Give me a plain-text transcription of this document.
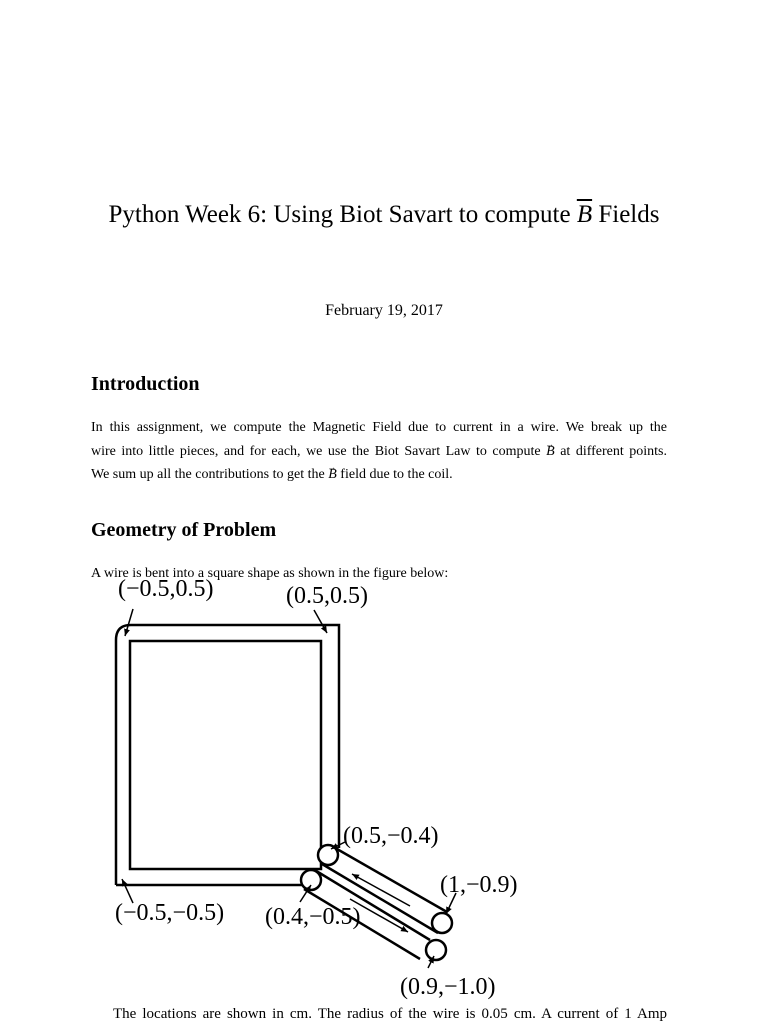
Python Week 6: Using Biot Savart to compute $\overline{B}$ Fields
February 19, 2017
Introduction
In this assignment, we compute the Magnetic Field due to current in a wire. We break up the
wire into little pieces, and for each, we use the Biot Savart Law to compute → B at different points.
We sum up all the contributions to get the → B field due to the coil.
Geometry of Problem
A wire is bent into a square shape as shown in the figure below:
(−0.5,0.5)	(0.5,0.5)
(0.5,−0.4)
(1,−0.9)
(−0.5,−0.5) (0.4,−0.5)
(0.9,−1.0)
The locations are shown in cm. The radius of the wire is 0.05 cm. A current of 1 Amp
